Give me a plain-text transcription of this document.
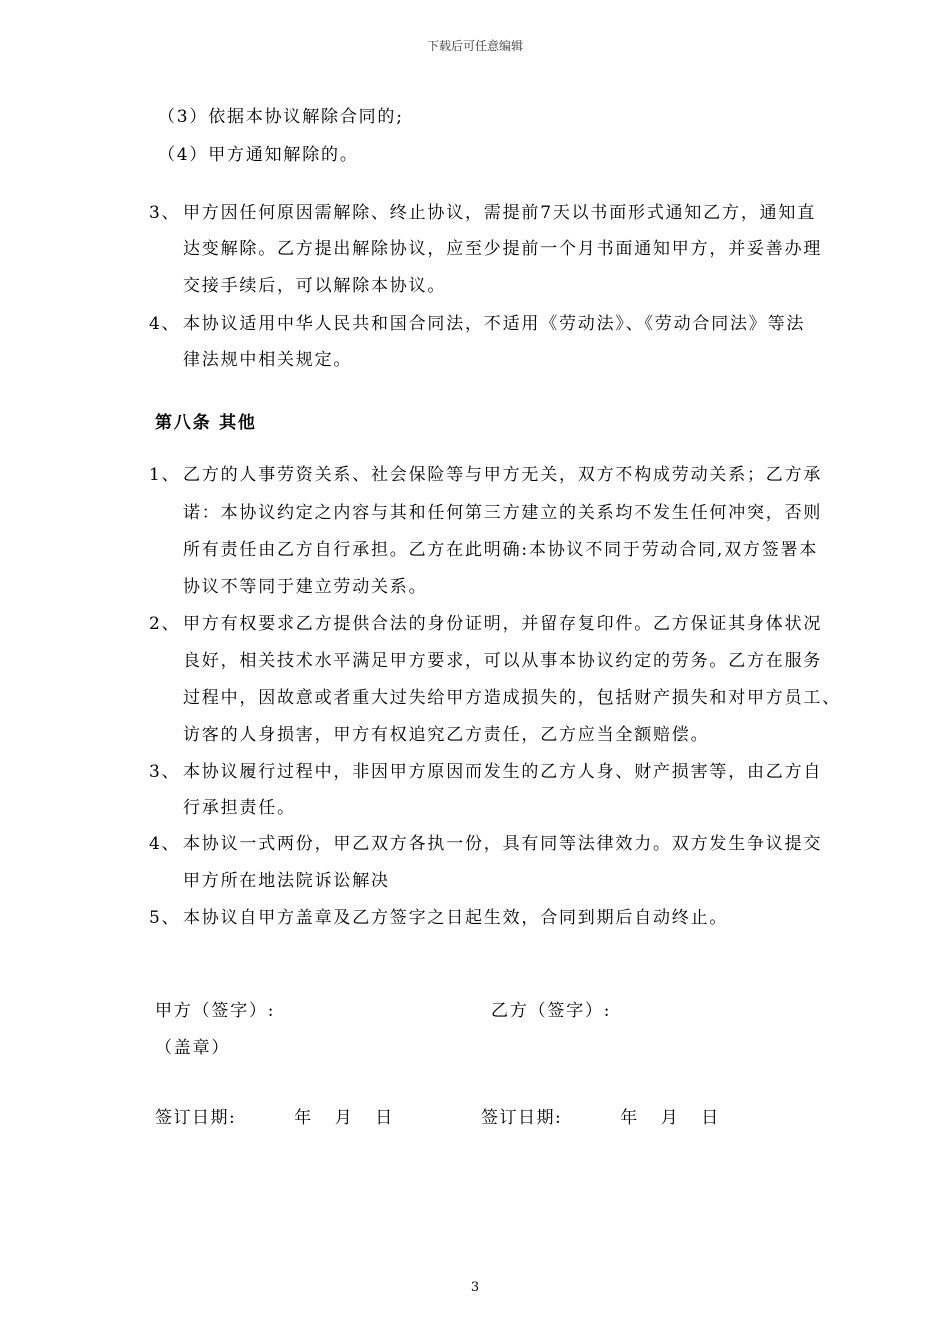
下载后可任意编辑
（3）依据本协议解除合同的;
（4）甲方通知解除的。
3、 甲方因任何原因需解除、终止协议，需提前7天以书面形式通知乙方，通知直
达变解除。乙方提出解除协议，应至少提前一个月书面通知甲方，并妥善办理
交接手续后，可以解除本协议。
4、 本协议适用中华人民共和国合同法，不适用《劳动法》、《劳动合同法》等法
律法规中相关规定。
第八条 其他
1、 乙方的人事劳资关系、社会保险等与甲方无关，双方不构成劳动关系；乙方承
诺：本协议约定之内容与其和任何第三方建立的关系均不发生任何冲突，否则
所有责任由乙方自行承担。乙方在此明确:本协议不同于劳动合同,双方签署本
协议不等同于建立劳动关系。
2、 甲方有权要求乙方提供合法的身份证明，并留存复印件。乙方保证其身体状况
良好，相关技术水平满足甲方要求，可以从事本协议约定的劳务。乙方在服务
过程中，因故意或者重大过失给甲方造成损失的，包括财产损失和对甲方员工、
访客的人身损害，甲方有权追究乙方责任，乙方应当全额赔偿。
3、 本协议履行过程中，非因甲方原因而发生的乙方人身、财产损害等，由乙方自
行承担责任。
4、 本协议一式两份，甲乙双方各执一份，具有同等法律效力。双方发生争议提交
甲方所在地法院诉讼解决
5、 本协议自甲方盖章及乙方签字之日起生效，合同到期后自动终止。
甲方（签字）:	乙方（签字）:
（盖章）
签订日期:	年 月 日	签订日期:	年 月 日
3
